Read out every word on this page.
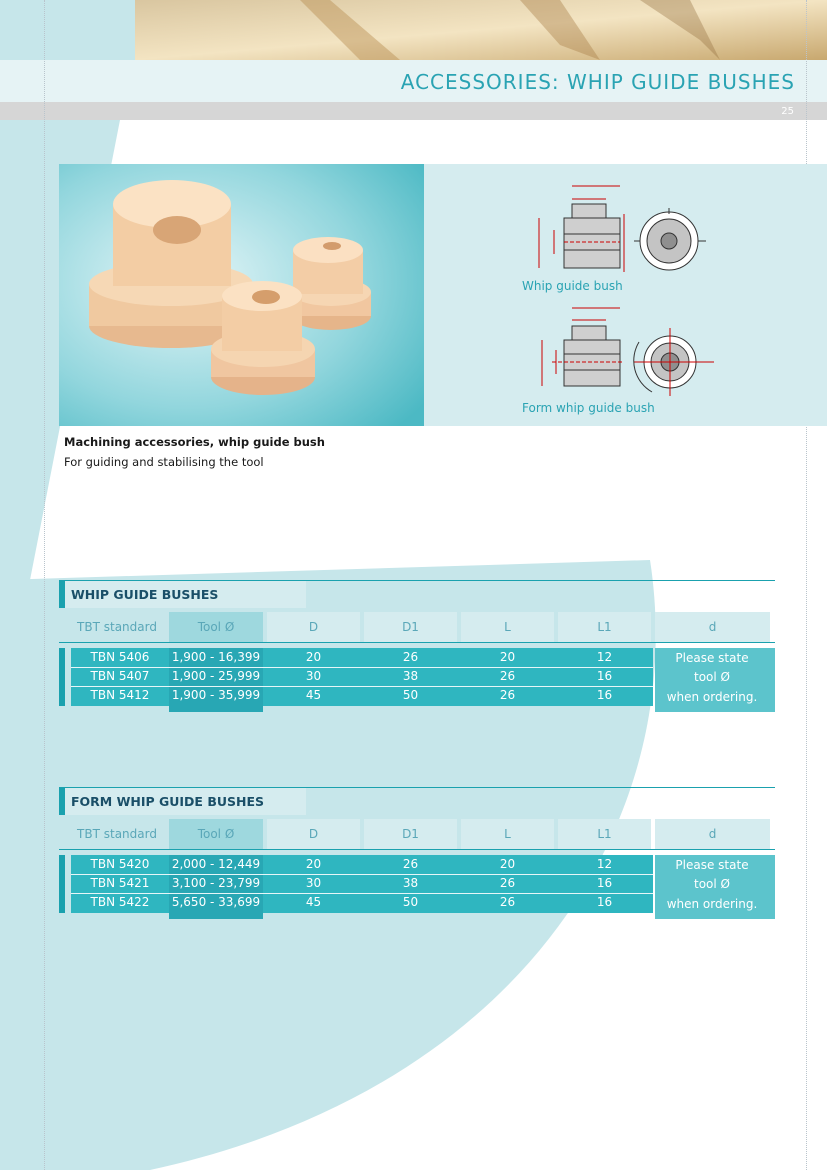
ACCESSORIES: WHIP GUIDE BUSHES
25
Whip guide bush
Form whip guide bush
Machining accessories, whip guide bush
For guiding and stabilising the tool
WHIP GUIDE BUSHES
TBT standard	Tool Ø	D	D1	L	L1	d
TBN 5406	1,900 - 16,399	20	26	20	12
TBN 5407	1,900 - 25,999	30	38	26	16
TBN 5412	1,900 - 35,999	45	50	26	16
Please state
tool Ø
when ordering.
FORM WHIP GUIDE BUSHES
TBT standard	Tool Ø	D	D1	L	L1	d
TBN 5420	2,000 - 12,449	20	26	20	12
TBN 5421	3,100 - 23,799	30	38	26	16
TBN 5422	5,650 - 33,699	45	50	26	16
Please state
tool Ø
when ordering.
